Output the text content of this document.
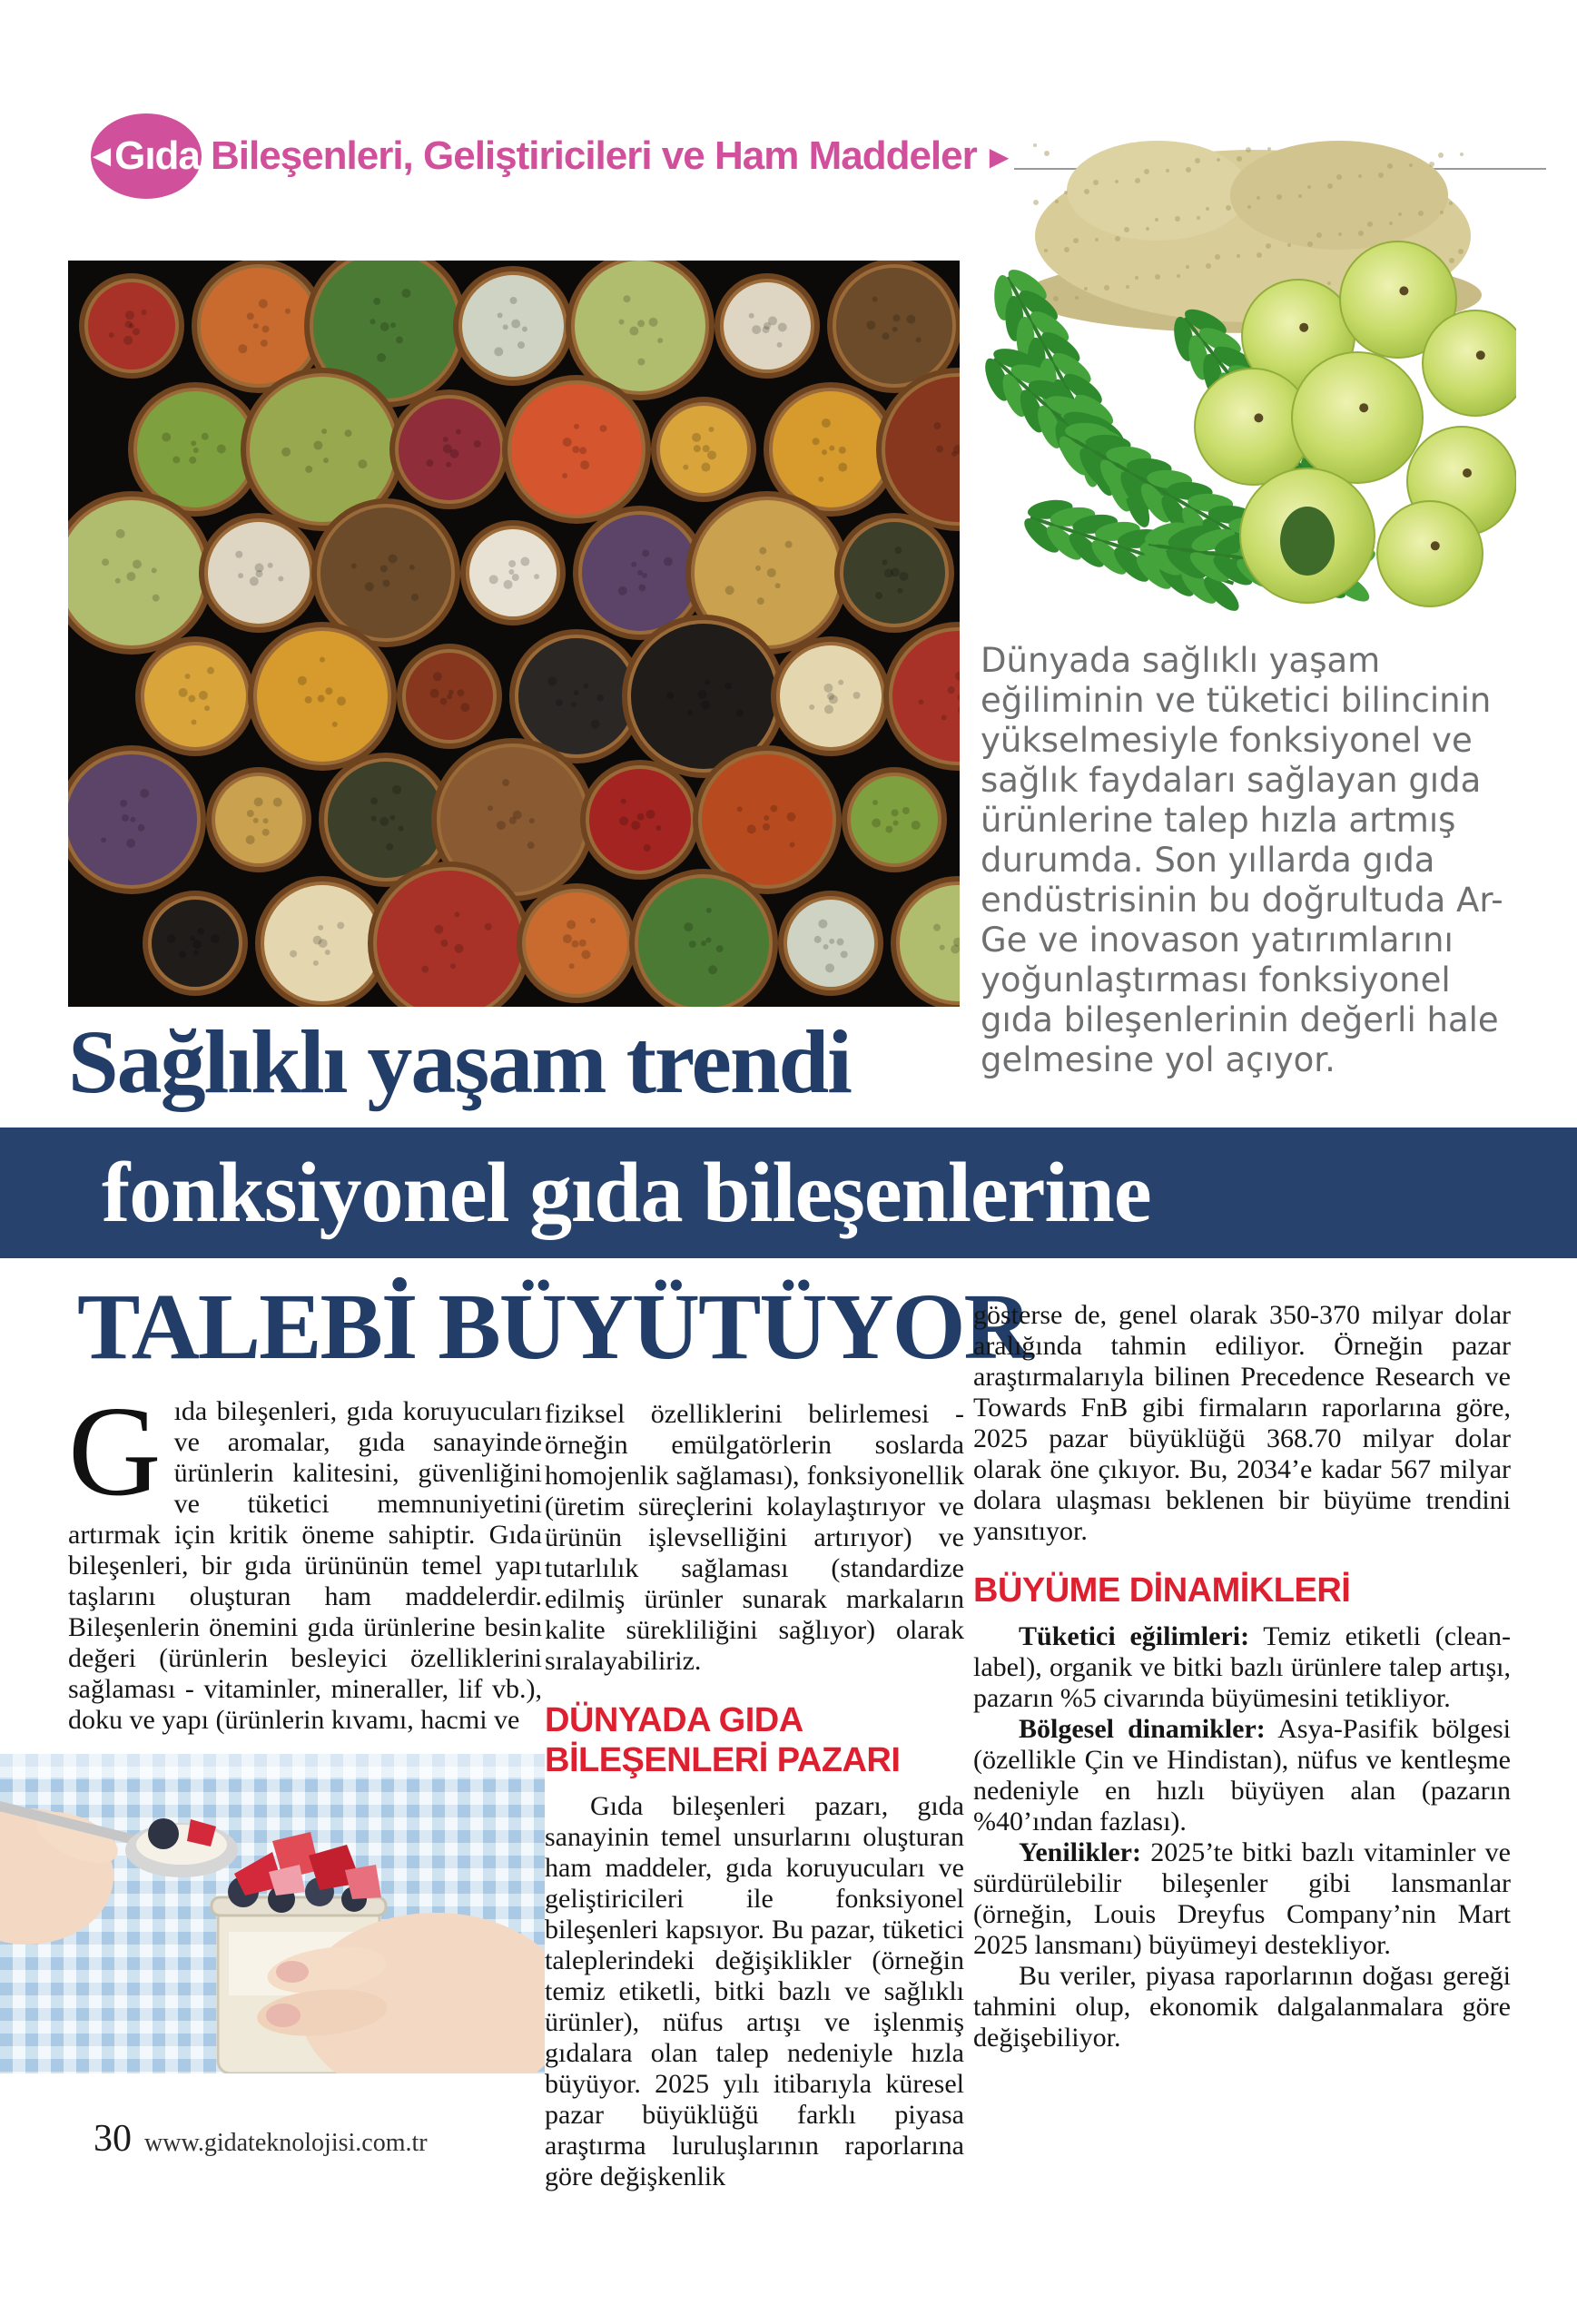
◀ Gıda Bileşenleri, Geliştiricileri ve Ham Maddeler ▶

Dünyada sağlıklı yaşam eğiliminin ve tüketici bilincinin yükselmesiyle fonksiyonel ve sağlık faydaları sağlayan gıda ürünlerine talep hızla artmış durumda. Son yıllarda gıda endüstrisinin bu doğrultuda Ar-Ge ve inovason yatırımlarını yoğunlaştırması fonksiyonel gıda bileşenlerinin değerli hale gelmesine yol açıyor.

Sağlıklı yaşam trendi
fonksiyonel gıda bileşenlerine
TALEBİ BÜYÜTÜYOR

Gıda bileşenleri, gıda koruyucuları ve aromalar, gıda sanayinde ürünlerin kalitesini, güvenliğini ve tüketici memnuniyetini artırmak için kritik öneme sahiptir. Gıda bileşenleri, bir gıda ürününün temel yapı taşlarını oluşturan ham maddelerdir. Bileşenlerin önemini gıda ürünlerine besin değeri (ürünlerin besleyici özelliklerini sağlaması - vitaminler, mineraller, lif vb.), doku ve yapı (ürünlerin kıvamı, hacmi ve

fiziksel özelliklerini belirlemesi - örneğin emülgatörlerin soslarda homojenlik sağlaması), fonksiyonellik (üretim süreçlerini kolaylaştırıyor ve ürünün işlevselliğini artırıyor) ve tutarlılık sağlaması (standardize edilmiş ürünler sunarak markaların kalite sürekliliğini sağlıyor) olarak sıralayabiliriz.

DÜNYADA GIDA
BİLEŞENLERİ PAZARI

Gıda bileşenleri pazarı, gıda sanayinin temel unsurlarını oluşturan ham maddeler, gıda koruyucuları ve geliştiricileri ile fonksiyonel bileşenleri kapsıyor. Bu pazar, tüketici taleplerindeki değişiklikler (örneğin temiz etiketli, bitki bazlı ve sağlıklı ürünler), nüfus artışı ve işlenmiş gıdalara olan talep nedeniyle hızla büyüyor. 2025 yılı itibarıyla küresel pazar büyüklüğü farklı piyasa araştırma luruluşlarının raporlarına göre değişkenlik

gösterse de, genel olarak 350-370 milyar dolar aralığında tahmin ediliyor. Örneğin pazar araştırmalarıyla bilinen Precedence Research ve Towards FnB gibi firmaların raporlarına göre, 2025 pazar büyüklüğü 368.70 milyar dolar olarak öne çıkıyor. Bu, 2034’e kadar 567 milyar dolara ulaşması beklenen bir büyüme trendini yansıtıyor.

BÜYÜME DİNAMİKLERİ

Tüketici eğilimleri: Temiz etiketli (clean-label), organik ve bitki bazlı ürünlere talep artışı, pazarın %5 civarında büyümesini tetikliyor.

Bölgesel dinamikler: Asya-Pasifik bölgesi (özellikle Çin ve Hindistan), nüfus ve kentleşme nedeniyle en hızlı büyüyen alan (pazarın %40’ından fazlası).

Yenilikler: 2025’te bitki bazlı vitaminler ve sürdürülebilir bileşenler gibi lansmanlar (örneğin, Louis Dreyfus Company’nin Mart 2025 lansmanı) büyümeyi destekliyor.

Bu veriler, piyasa raporlarının doğası gereği tahmini olup, ekonomik dalgalanmalara göre değişebiliyor.

30 www.gidateknolojisi.com.tr
